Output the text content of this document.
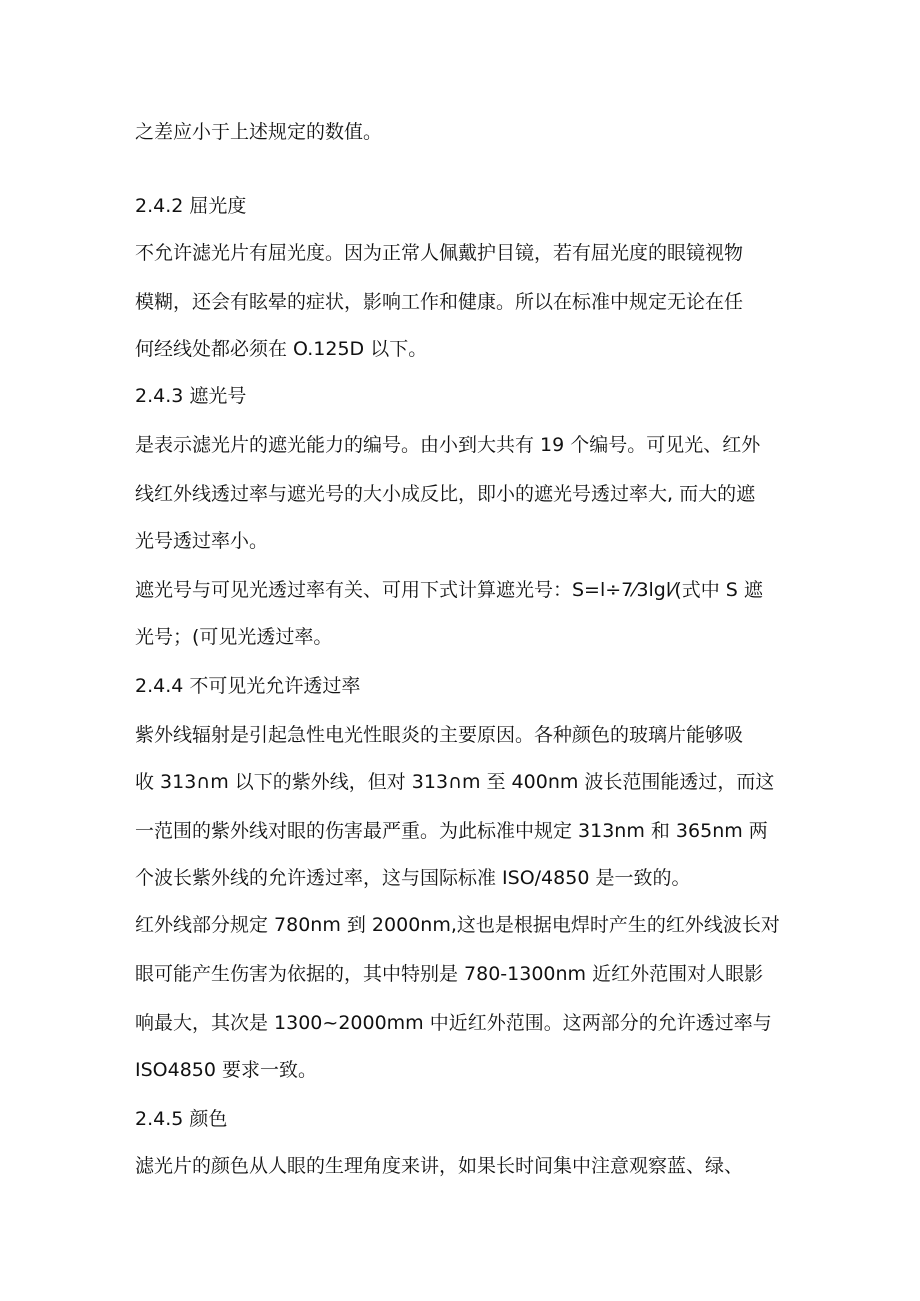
之差应小于上述规定的数值。
2.4.2 屈光度
不允许滤光片有屈光度。因为正常人佩戴护目镜，若有屈光度的眼镜视物
模糊，还会有眩晕的症状，影响工作和健康。所以在标准中规定无论在任
何经线处都必须在 O.125D 以下。
2.4.3 遮光号
是表示滤光片的遮光能力的编号。由小到大共有 19 个编号。可见光、红外
线红外线透过率与遮光号的大小成反比，即小的遮光号透过率大, 而大的遮
光号透过率小。
遮光号与可见光透过率有关、可用下式计算遮光号：S=l÷7⁄3lgl⁄(式中 S 遮
光号；(可见光透过率。
2.4.4 不可见光允许透过率
紫外线辐射是引起急性电光性眼炎的主要原因。各种颜色的玻璃片能够吸
收 313∩m 以下的紫外线，但对 313∩m 至 400nm 波长范围能透过，而这
一范围的紫外线对眼的伤害最严重。为此标准中规定 313nm 和 365nm 两
个波长紫外线的允许透过率，这与国际标准 ISO/4850 是一致的。
红外线部分规定 780nm 到 2000nm,这也是根据电焊时产生的红外线波长对
眼可能产生伤害为依据的，其中特别是 780-1300nm 近红外范围对人眼影
响最大，其次是 1300~2000mm 中近红外范围。这两部分的允许透过率与
ISO4850 要求一致。
2.4.5 颜色
滤光片的颜色从人眼的生理角度来讲，如果长时间集中注意观察蓝、绿、
